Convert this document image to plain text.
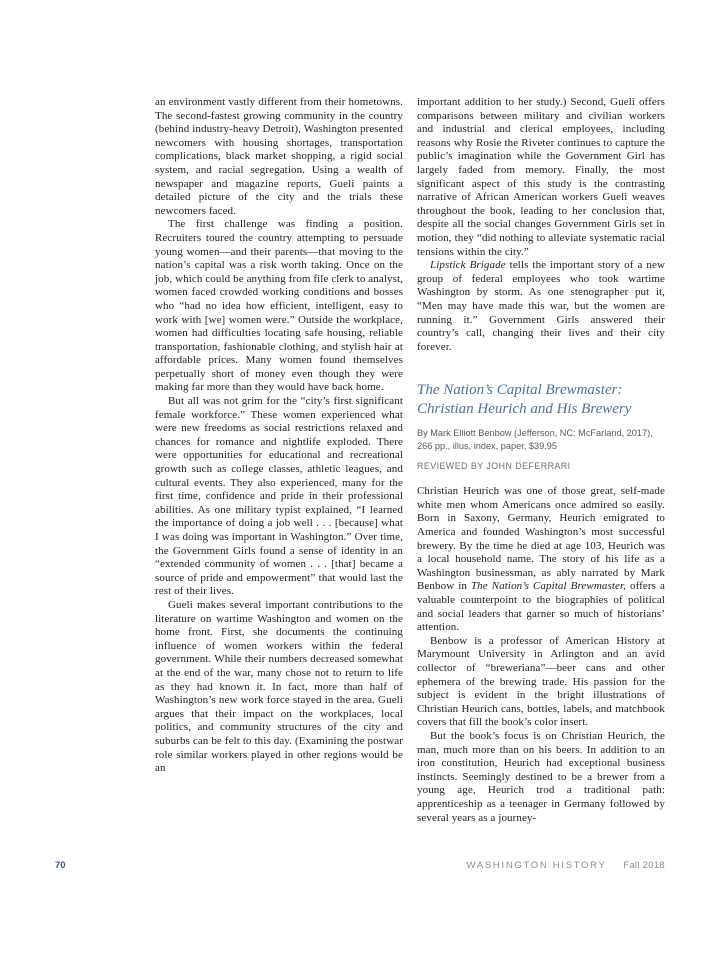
an environment vastly different from their hometowns. The second-fastest growing community in the country (behind industry-heavy Detroit), Washington presented newcomers with housing shortages, transportation complications, black market shopping, a rigid social system, and racial segregation. Using a wealth of newspaper and magazine reports, Gueli paints a detailed picture of the city and the trials these newcomers faced.

The first challenge was finding a position. Recruiters toured the country attempting to persuade young women—and their parents—that moving to the nation’s capital was a risk worth taking. Once on the job, which could be anything from file clerk to analyst, women faced crowded working conditions and bosses who “had no idea how efficient, intelligent, easy to work with [we] women were.” Outside the workplace, women had difficulties locating safe housing, reliable transportation, fashionable clothing, and stylish hair at affordable prices. Many women found themselves perpetually short of money even though they were making far more than they would have back home.

But all was not grim for the “city’s first significant female workforce.” These women experienced what were new freedoms as social restrictions relaxed and chances for romance and nightlife exploded. There were opportunities for educational and recreational growth such as college classes, athletic leagues, and cultural events. They also experienced, many for the first time, confidence and pride in their professional abilities. As one military typist explained, “I learned the importance of doing a job well . . . [because] what I was doing was important in Washington.” Over time, the Government Girls found a sense of identity in an “extended community of women . . . [that] became a source of pride and empowerment” that would last the rest of their lives.

Gueli makes several important contributions to the literature on wartime Washington and women on the home front. First, she documents the continuing influence of women workers within the federal government. While their numbers decreased somewhat at the end of the war, many chose not to return to life as they had known it. In fact, more than half of Washington’s new work force stayed in the area. Gueli argues that their impact on the workplaces, local politics, and community structures of the city and suburbs can be felt to this day. (Examining the postwar role similar workers played in other regions would be an

important addition to her study.) Second, Gueli offers comparisons between military and civilian workers and industrial and clerical employees, including reasons why Rosie the Riveter continues to capture the public’s imagination while the Government Girl has largely faded from memory. Finally, the most significant aspect of this study is the contrasting narrative of African American workers Gueli weaves throughout the book, leading to her conclusion that, despite all the social changes Government Girls set in motion, they “did nothing to alleviate systematic racial tensions within the city.”

Lipstick Brigade tells the important story of a new group of federal employees who took wartime Washington by storm. As one stenographer put it, “Men may have made this war, but the women are running it.” Government Girls answered their country’s call, changing their lives and their city forever.

The Nation’s Capital Brewmaster:
Christian Heurich and His Brewery
By Mark Elliott Benbow (Jefferson, NC: McFarland, 2017), 266 pp., illus, index, paper, $39.95
REVIEWED BY JOHN DEFERRARI

Christian Heurich was one of those great, self-made white men whom Americans once admired so easily. Born in Saxony, Germany, Heurich emigrated to America and founded Washington’s most successful brewery. By the time he died at age 103, Heurich was a local household name. The story of his life as a Washington businessman, as ably narrated by Mark Benbow in The Nation’s Capital Brewmaster, offers a valuable counterpoint to the biographies of political and social leaders that garner so much of historians’ attention.

Benbow is a professor of American History at Marymount University in Arlington and an avid collector of “breweriana”—beer cans and other ephemera of the brewing trade. His passion for the subject is evident in the bright illustrations of Christian Heurich cans, bottles, labels, and matchbook covers that fill the book’s color insert.

But the book’s focus is on Christian Heurich, the man, much more than on his beers. In addition to an iron constitution, Heurich had exceptional business instincts. Seemingly destined to be a brewer from a young age, Heurich trod a traditional path: apprenticeship as a teenager in Germany followed by several years as a journey-

70	WASHINGTON HISTORY Fall 2018
